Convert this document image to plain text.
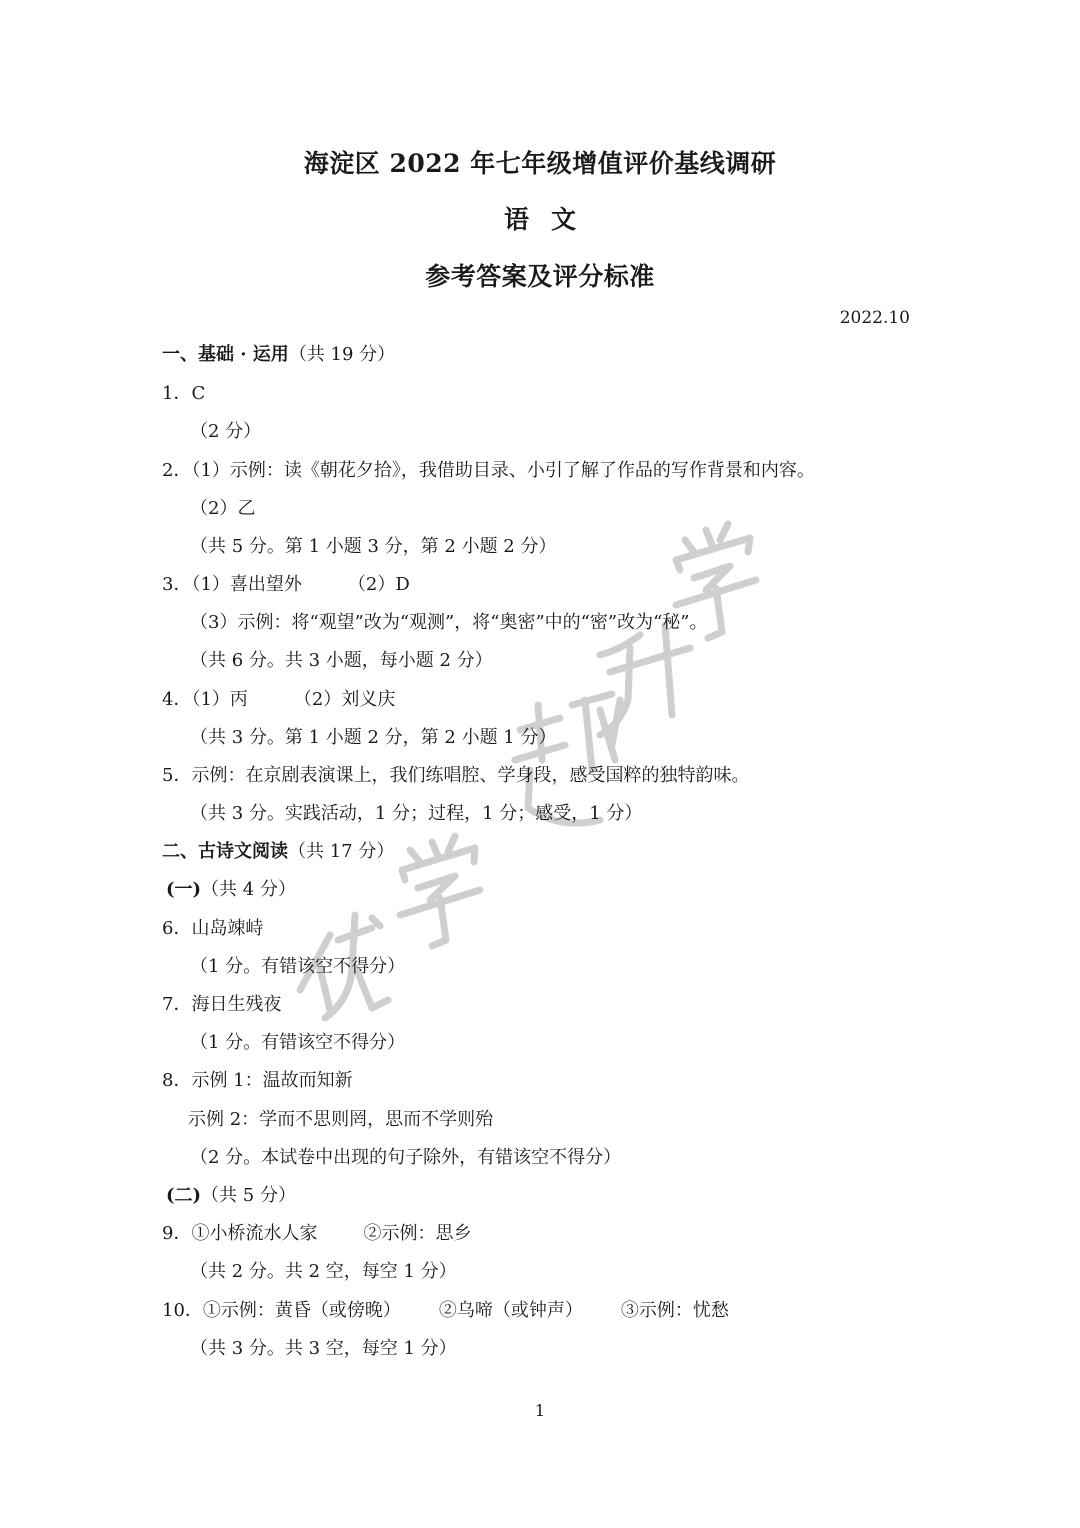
海淀区 2022 年七年级增值评价基线调研
语文
参考答案及评分标准
2022.10
一、基础 · 运用（共 19 分）
1．C
（2 分）
2．（1）示例：读《朝花夕拾》，我借助目录、小引了解了作品的写作背景和内容。
（2）乙
（共 5 分。第 1 小题 3 分，第 2 小题 2 分）
3．（1）喜出望外	（2）D
（3）示例：将“观望”改为“观测”，将“奥密”中的“密”改为“秘”。
（共 6 分。共 3 小题，每小题 2 分）
4．（1）丙	（2）刘义庆
（共 3 分。第 1 小题 2 分，第 2 小题 1 分）
5．示例：在京剧表演课上，我们练唱腔、学身段，感受国粹的独特韵味。
（共 3 分。实践活动，1 分；过程，1 分；感受，1 分）
二、古诗文阅读（共 17 分）
(一)（共 4 分）
6．山岛竦峙
（1 分。有错该空不得分）
7．海日生残夜
（1 分。有错该空不得分）
8．示例 1：温故而知新
示例 2：学而不思则罔，思而不学则殆
（2 分。本试卷中出现的句子除外，有错该空不得分）
(二)（共 5 分）
9．①小桥流水人家	②示例：思乡
（共 2 分。共 2 空，每空 1 分）
10．①示例：黄昏（或傍晚） ②乌啼（或钟声） ③示例：忧愁
（共 3 分。共 3 空，每空 1 分）
1
